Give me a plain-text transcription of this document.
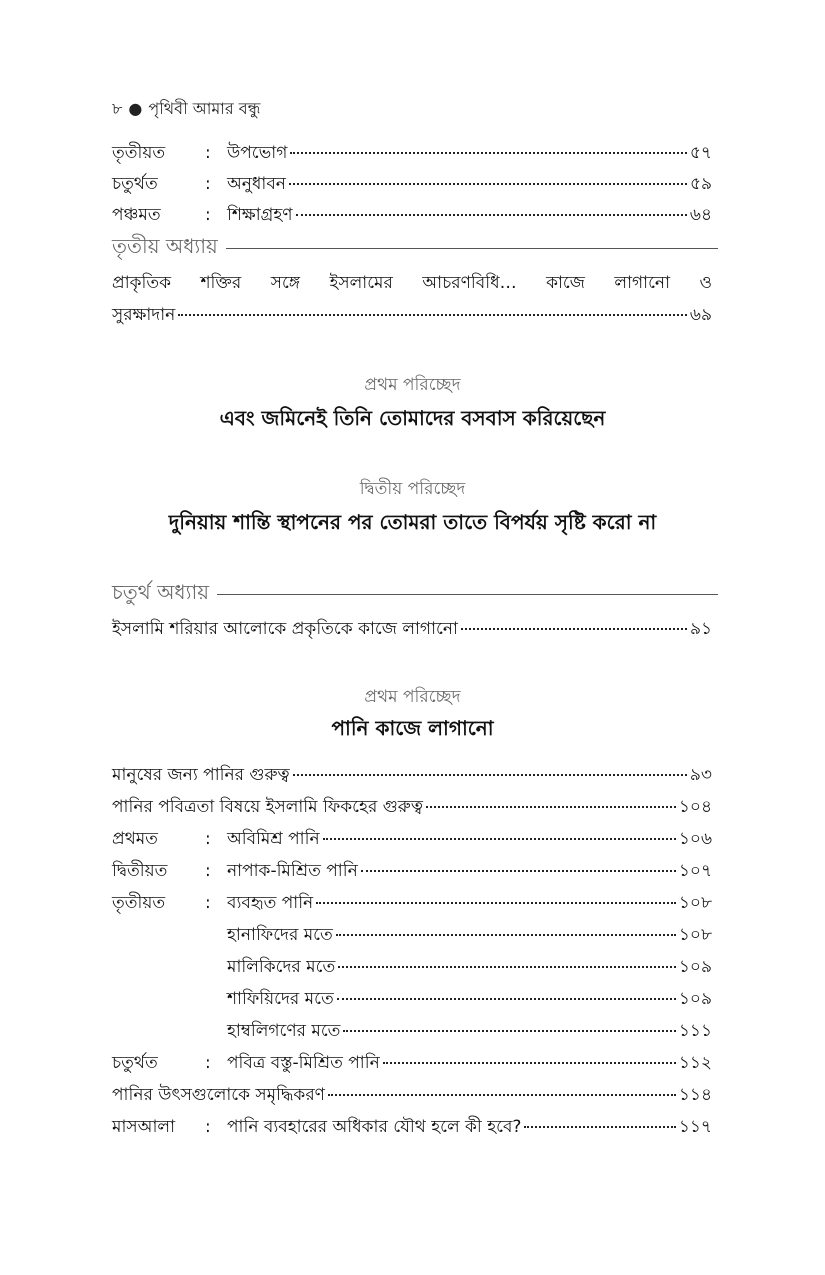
৮ ● পৃথিবী আমার বন্ধু
তৃতীয়ত	: উপভোগ	৫৭
চতুর্থত	: অনুধাবন	৫৯
পঞ্চমত	: শিক্ষাগ্রহণ	৬৪
তৃতীয় অধ্যায়
প্রাকৃতিক শক্তির সঙ্গে ইসলামের আচরণবিধি… কাজে লাগানো ও
সুরক্ষাদান	৬৯
প্রথম পরিচ্ছেদ
এবং জমিনেই তিনি তোমাদের বসবাস করিয়েছেন
দ্বিতীয় পরিচ্ছেদ
দুনিয়ায় শান্তি স্থাপনের পর তোমরা তাতে বিপর্যয় সৃষ্টি করো না
চতুর্থ অধ্যায়
ইসলামি শরিয়ার আলোকে প্রকৃতিকে কাজে লাগানো	৯১
প্রথম পরিচ্ছেদ
পানি কাজে লাগানো
মানুষের জন্য পানির গুরুত্ব	৯৩
পানির পবিত্রতা বিষয়ে ইসলামি ফিকহের গুরুত্ব	১০৪
প্রথমত	: অবিমিশ্র পানি	১০৬
দ্বিতীয়ত	: নাপাক-মিশ্রিত পানি	১০৭
তৃতীয়ত	: ব্যবহৃত পানি	১০৮
হানাফিদের মতে	১০৮
মালিকিদের মতে	১০৯
শাফিয়িদের মতে	১০৯
হাম্বলিগণের মতে	১১১
চতুর্থত	: পবিত্র বস্তু-মিশ্রিত পানি	১১২
পানির উৎসগুলোকে সমৃদ্ধিকরণ	১১৪
মাসআলা	: পানি ব্যবহারের অধিকার যৌথ হলে কী হবে?	১১৭
